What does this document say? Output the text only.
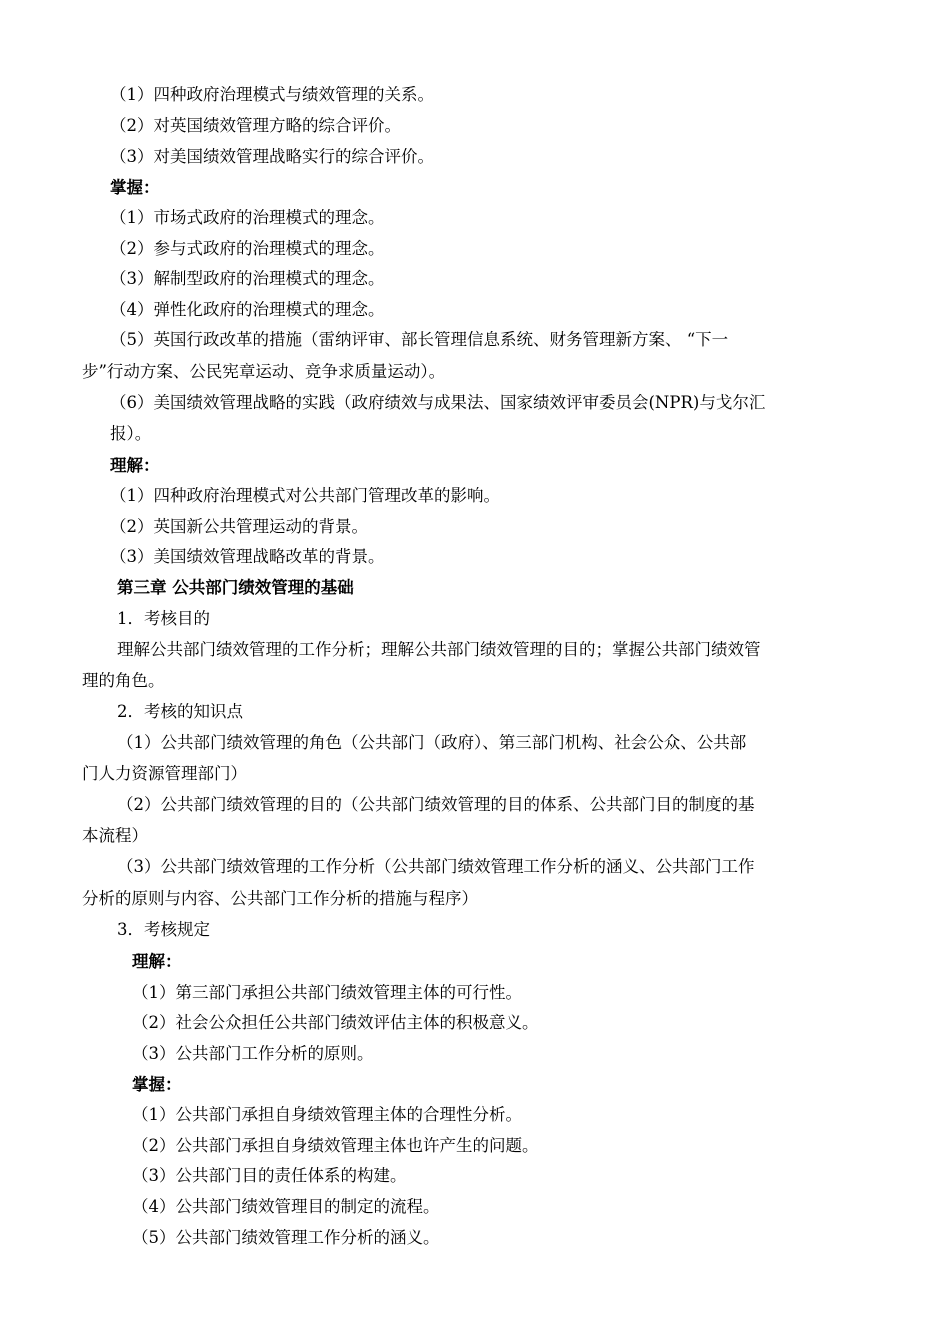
（1）四种政府治理模式与绩效管理的关系。
（2）对英国绩效管理方略的综合评价。
（3）对美国绩效管理战略实行的综合评价。
掌握：
（1）市场式政府的治理模式的理念。
（2）参与式政府的治理模式的理念。
（3）解制型政府的治理模式的理念。
（4）弹性化政府的治理模式的理念。
（5）英国行政改革的措施（雷纳评审、部长管理信息系统、财务管理新方案、 “下一
步”行动方案、公民宪章运动、竞争求质量运动）。
（6）美国绩效管理战略的实践（政府绩效与成果法、国家绩效评审委员会(NPR)与戈尔汇
报）。
理解：
（1）四种政府治理模式对公共部门管理改革的影响。
（2）英国新公共管理运动的背景。
（3）美国绩效管理战略改革的背景。
第三章 公共部门绩效管理的基础
1．考核目的
理解公共部门绩效管理的工作分析；理解公共部门绩效管理的目的；掌握公共部门绩效管
理的角色。
2．考核的知识点
（1）公共部门绩效管理的角色（公共部门（政府）、第三部门机构、社会公众、公共部
门人力资源管理部门）
（2）公共部门绩效管理的目的（公共部门绩效管理的目的体系、公共部门目的制度的基
本流程）
（3）公共部门绩效管理的工作分析（公共部门绩效管理工作分析的涵义、公共部门工作
分析的原则与内容、公共部门工作分析的措施与程序）
3．考核规定
理解：
（1）第三部门承担公共部门绩效管理主体的可行性。
（2）社会公众担任公共部门绩效评估主体的积极意义。
（3）公共部门工作分析的原则。
掌握：
（1）公共部门承担自身绩效管理主体的合理性分析。
（2）公共部门承担自身绩效管理主体也许产生的问题。
（3）公共部门目的责任体系的构建。
（4）公共部门绩效管理目的制定的流程。
（5）公共部门绩效管理工作分析的涵义。
